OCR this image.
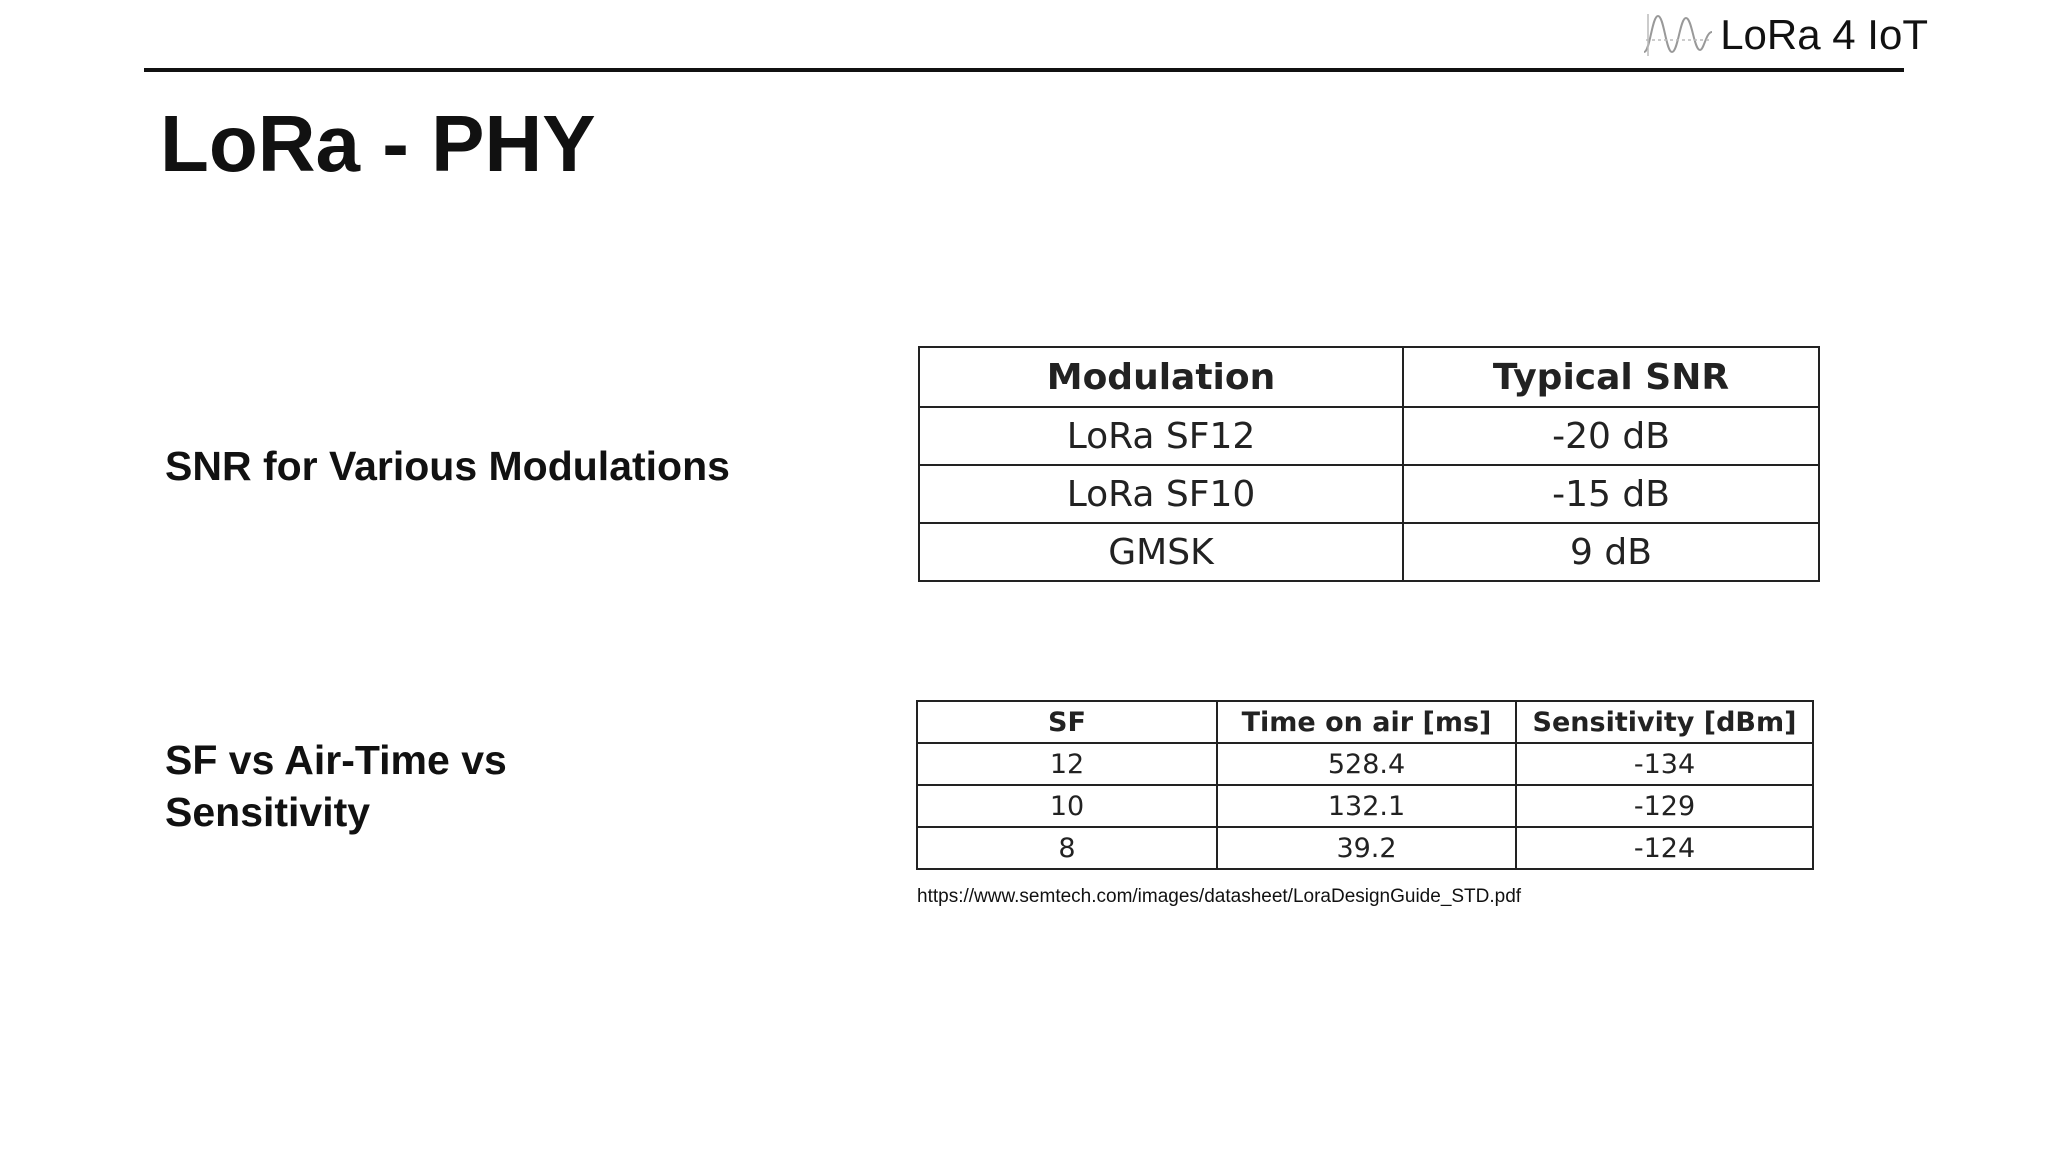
LoRa 4 IoT
LoRa - PHY
SNR for Various Modulations
SF vs Air-Time vs Sensitivity
Modulation	Typical SNR
LoRa SF12	-20 dB
LoRa SF10	-15 dB
GMSK	9 dB
SF	Time on air [ms]	Sensitivity [dBm]
12	528.4	-134
10	132.1	-129
8	39.2	-124
https://www.semtech.com/images/datasheet/LoraDesignGuide_STD.pdf
